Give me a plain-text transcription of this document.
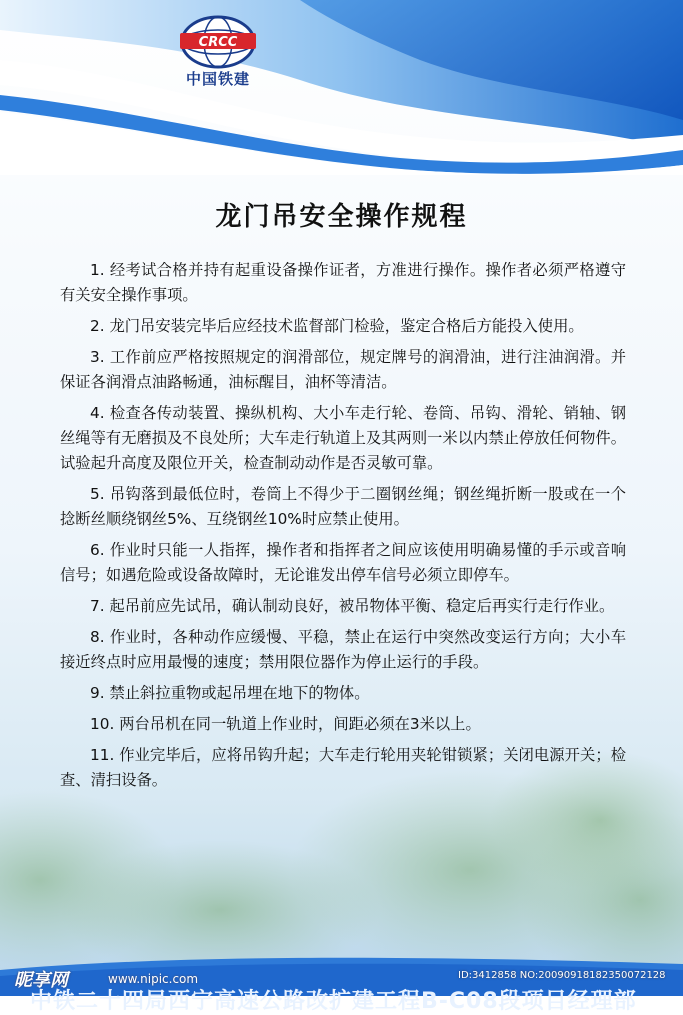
CRCC
中国铁建
龙门吊安全操作规程
1. 经考试合格并持有起重设备操作证者，方准进行操作。操作者必须严格遵守有关安全操作事项。
2. 龙门吊安装完毕后应经技术监督部门检验，鉴定合格后方能投入使用。
3. 工作前应严格按照规定的润滑部位，规定牌号的润滑油，进行注油润滑。并保证各润滑点油路畅通，油标醒目，油杯等清洁。
4. 检查各传动装置、操纵机构、大小车走行轮、卷筒、吊钩、滑轮、销轴、钢丝绳等有无磨损及不良处所；大车走行轨道上及其两则一米以内禁止停放任何物件。试验起升高度及限位开关，检查制动动作是否灵敏可靠。
5. 吊钩落到最低位时，卷筒上不得少于二圈钢丝绳；钢丝绳折断一股或在一个捻断丝顺绕钢丝5%、互绕钢丝10%时应禁止使用。
6. 作业时只能一人指挥，操作者和指挥者之间应该使用明确易懂的手示或音响信号；如遇危险或设备故障时，无论谁发出停车信号必须立即停车。
7. 起吊前应先试吊，确认制动良好，被吊物体平衡、稳定后再实行走行作业。
8. 作业时，各种动作应缓慢、平稳，禁止在运行中突然改变运行方向；大小车接近终点时应用最慢的速度；禁用限位器作为停止运行的手段。
9. 禁止斜拉重物或起吊埋在地下的物体。
10. 两台吊机在同一轨道上作业时，间距必须在3米以上。
11. 作业完毕后，应将吊钩升起；大车走行轮用夹轮钳锁紧；关闭电源开关；检查、清扫设备。
中铁二十四局西宁高速公路改扩建工程B-C08段项目经理部
昵享网	www.nipic.com	ID:3412858 NO:20090918182350072128
